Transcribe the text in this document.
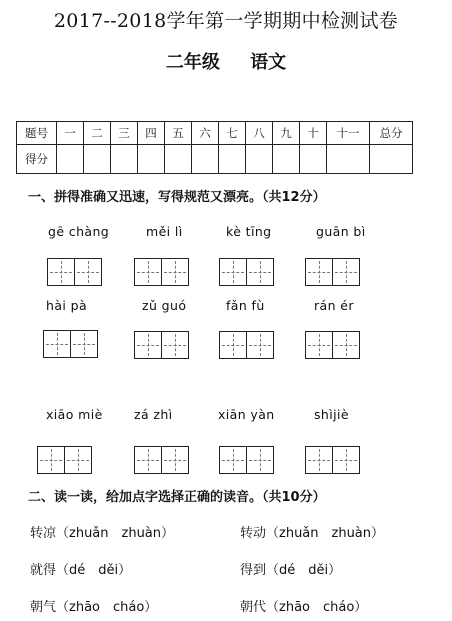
2017--2018学年第一学期期中检测试卷
二年级 语文
题号	一	二	三	四	五	六	七	八	九	十	十一	总分
得分												
一、拼得准确又迅速，写得规范又漂亮。（共12分）
gē chàng	měi lì	kè tīng	guān bì
hài pà	zǔ guó	fǎn fù	rán ér
xiāo miè	zá zhì	xiān yàn	shìjiè
二、读一读，给加点字选择正确的读音。（共10分）
转凉（zhuǎn　zhuàn）	转动（zhuǎn　zhuàn）
就得（dé　děi）	得到（dé　děi）
朝气（zhāo　cháo）	朝代（zhāo　cháo）
